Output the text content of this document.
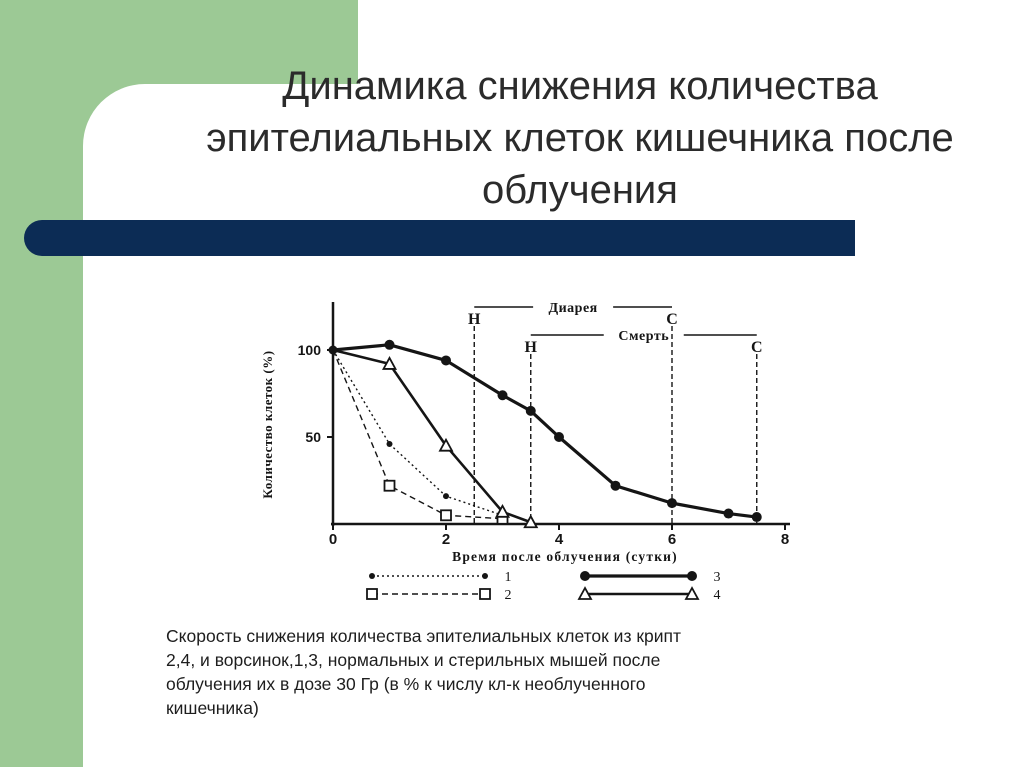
Динамика снижения количества
эпителиальных клеток кишечника после
облучения
0	2	4	6	8
50
100
Время после облучения (сутки)
Количество клеток (%)
Н
Н
С
С
Диарея
Смерть
1
2
3
4
Скорость снижения количества эпителиальных клеток из крипт
2,4, и ворсинок,1,3, нормальных и стерильных мышей после
облучения их в дозе 30 Гр (в % к числу кл-к необлученного
кишечника)
